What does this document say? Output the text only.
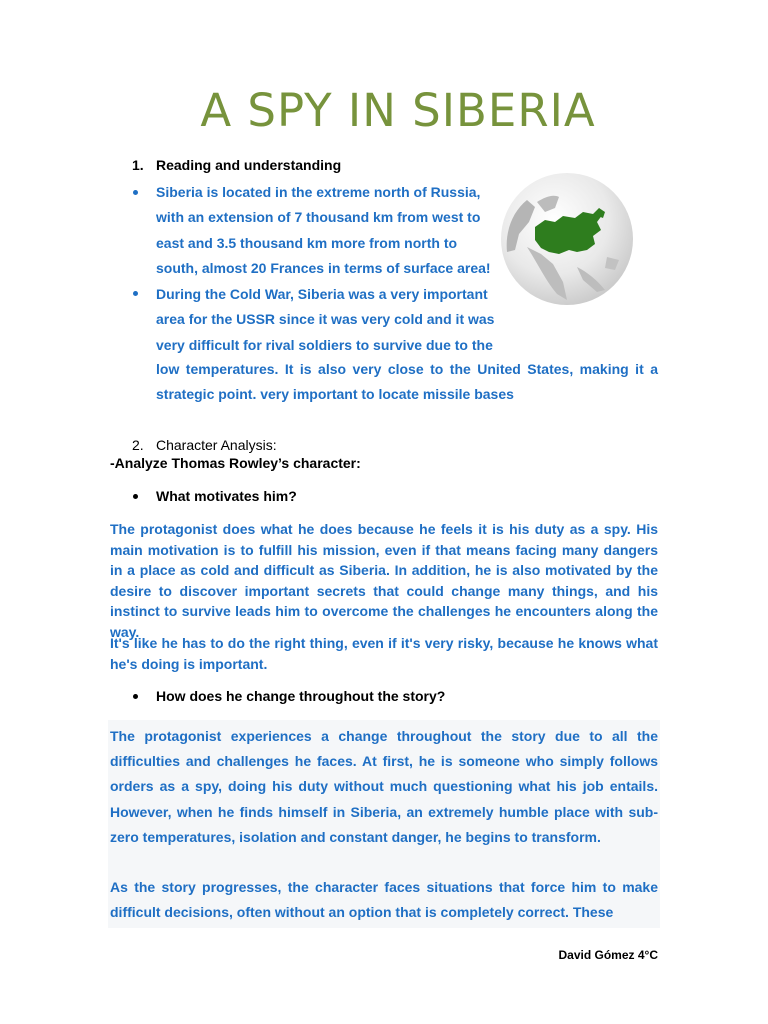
A SPY IN SIBERIA
1. Reading and understanding
Siberia is located in the extreme north of Russia,
with an extension of 7 thousand km from west to
east and 3.5 thousand km more from north to
south, almost 20 Frances in terms of surface area!
During the Cold War, Siberia was a very important
area for the USSR since it was very cold and it was
very difficult for rival soldiers to survive due to the

low temperatures. It is also very close to the United States, making it a strategic point. very important to locate missile bases

2. Character Analysis:
-Analyze Thomas Rowley’s character:
What motivates him?

The protagonist does what he does because he feels it is his duty as a spy. His main motivation is to fulfill his mission, even if that means facing many dangers in a place as cold and difficult as Siberia. In addition, he is also motivated by the desire to discover important secrets that could change many things, and his instinct to survive leads him to overcome the challenges he encounters along the way.

It's like he has to do the right thing, even if it's very risky, because he knows what he's doing is important.

How does he change throughout the story?

The protagonist experiences a change throughout the story due to all the difficulties and challenges he faces. At first, he is someone who simply follows orders as a spy, doing his duty without much questioning what his job entails. However, when he finds himself in Siberia, an extremely humble place with sub-zero temperatures, isolation and constant danger, he begins to transform.

As the story progresses, the character faces situations that force him to make difficult decisions, often without an option that is completely correct. These

David Gómez 4°C
